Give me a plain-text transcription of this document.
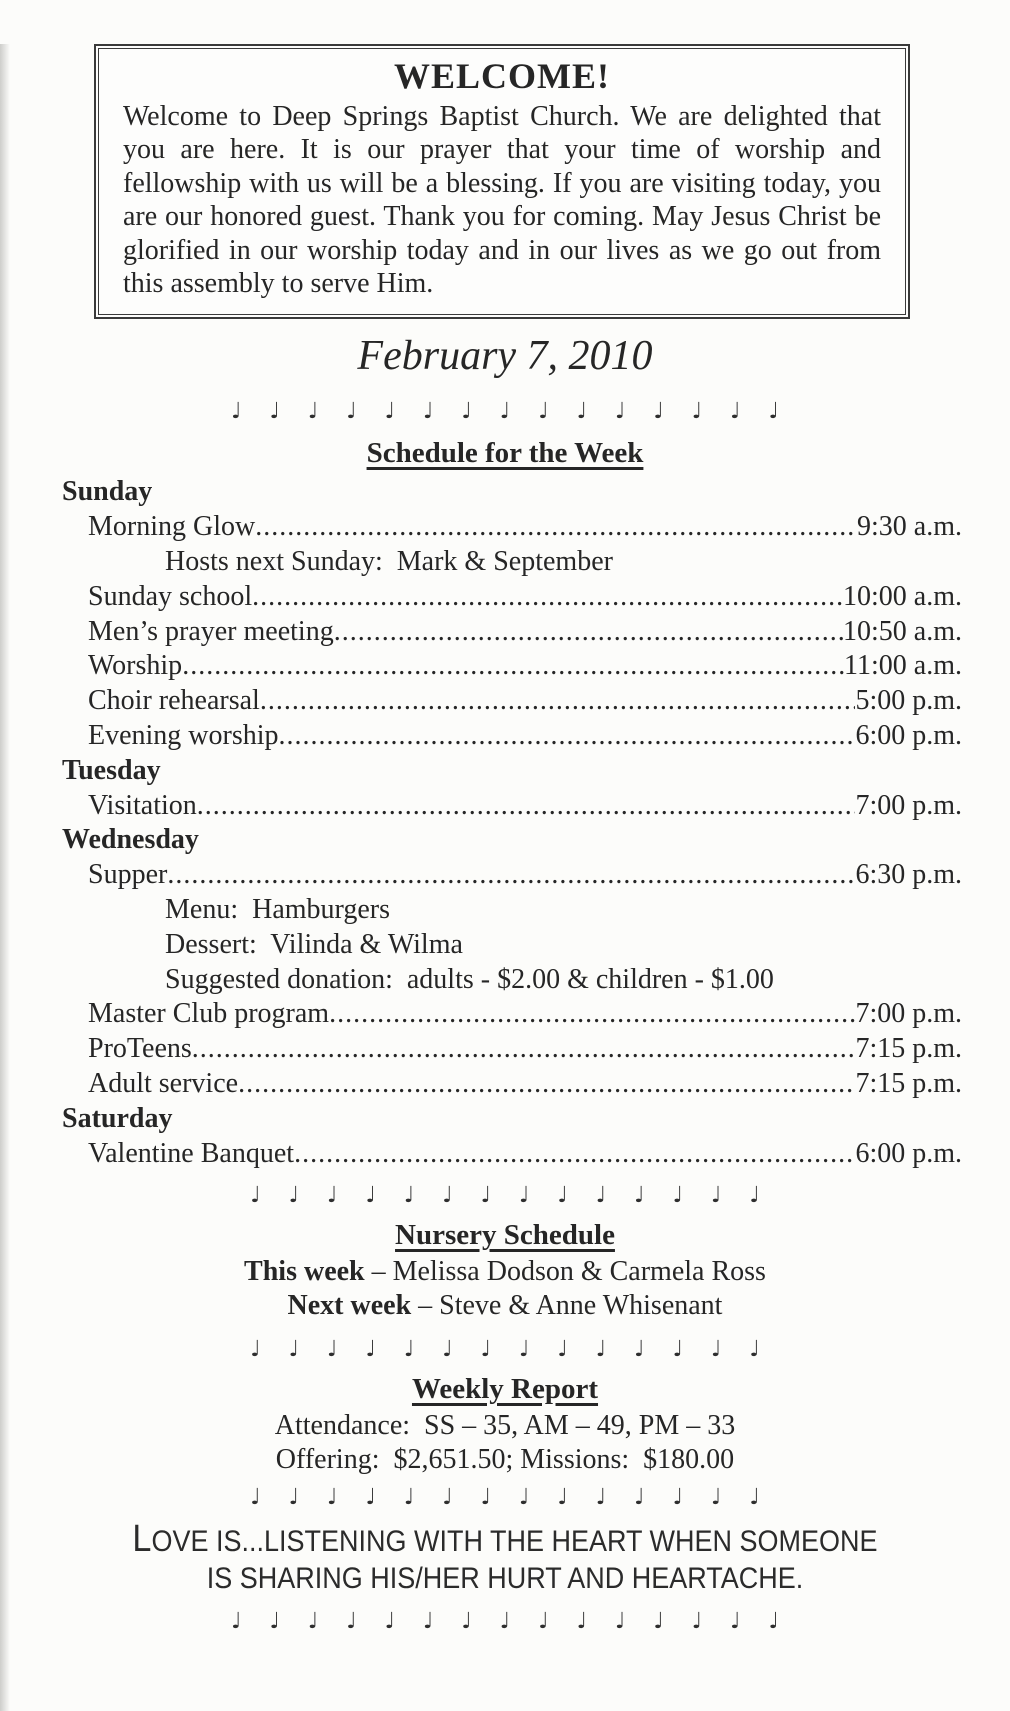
WELCOME!
Welcome to Deep Springs Baptist Church. We are delighted that you are here. It is our prayer that your time of worship and fellowship with us will be a blessing. If you are visiting today, you are our honored guest. Thank you for coming. May Jesus Christ be glorified in our worship today and in our lives as we go out from this assembly to serve Him.
February 7, 2010
♩ ♩ ♩ ♩ ♩ ♩ ♩ ♩ ♩ ♩ ♩ ♩ ♩ ♩ ♩
Schedule for the Week
Sunday
Morning Glow .....	9:30 a.m.
Hosts next Sunday:  Mark & September
Sunday school .....	10:00 a.m.
Men’s prayer meeting .....	10:50 a.m.
Worship .....	11:00 a.m.
Choir rehearsal .....	5:00 p.m.
Evening worship .....	6:00 p.m.
Tuesday
Visitation .....	7:00 p.m.
Wednesday
Supper .....	6:30 p.m.
Menu:  Hamburgers
Dessert:  Vilinda & Wilma
Suggested donation:  adults - $2.00 & children - $1.00
Master Club program .....	7:00 p.m.
ProTeens .....	7:15 p.m.
Adult service .....	7:15 p.m.
Saturday
Valentine Banquet .....	6:00 p.m.
♩ ♩ ♩ ♩ ♩ ♩ ♩ ♩ ♩ ♩ ♩ ♩ ♩ ♩
Nursery Schedule
This week – Melissa Dodson & Carmela Ross
Next week – Steve & Anne Whisenant
♩ ♩ ♩ ♩ ♩ ♩ ♩ ♩ ♩ ♩ ♩ ♩ ♩ ♩
Weekly Report
Attendance:  SS – 35, AM – 49, PM – 33
Offering:  $2,651.50; Missions:  $180.00
♩ ♩ ♩ ♩ ♩ ♩ ♩ ♩ ♩ ♩ ♩ ♩ ♩ ♩
LOVE IS...LISTENING WITH THE HEART WHEN SOMEONE
IS SHARING HIS/HER HURT AND HEARTACHE.
♩ ♩ ♩ ♩ ♩ ♩ ♩ ♩ ♩ ♩ ♩ ♩ ♩ ♩ ♩
